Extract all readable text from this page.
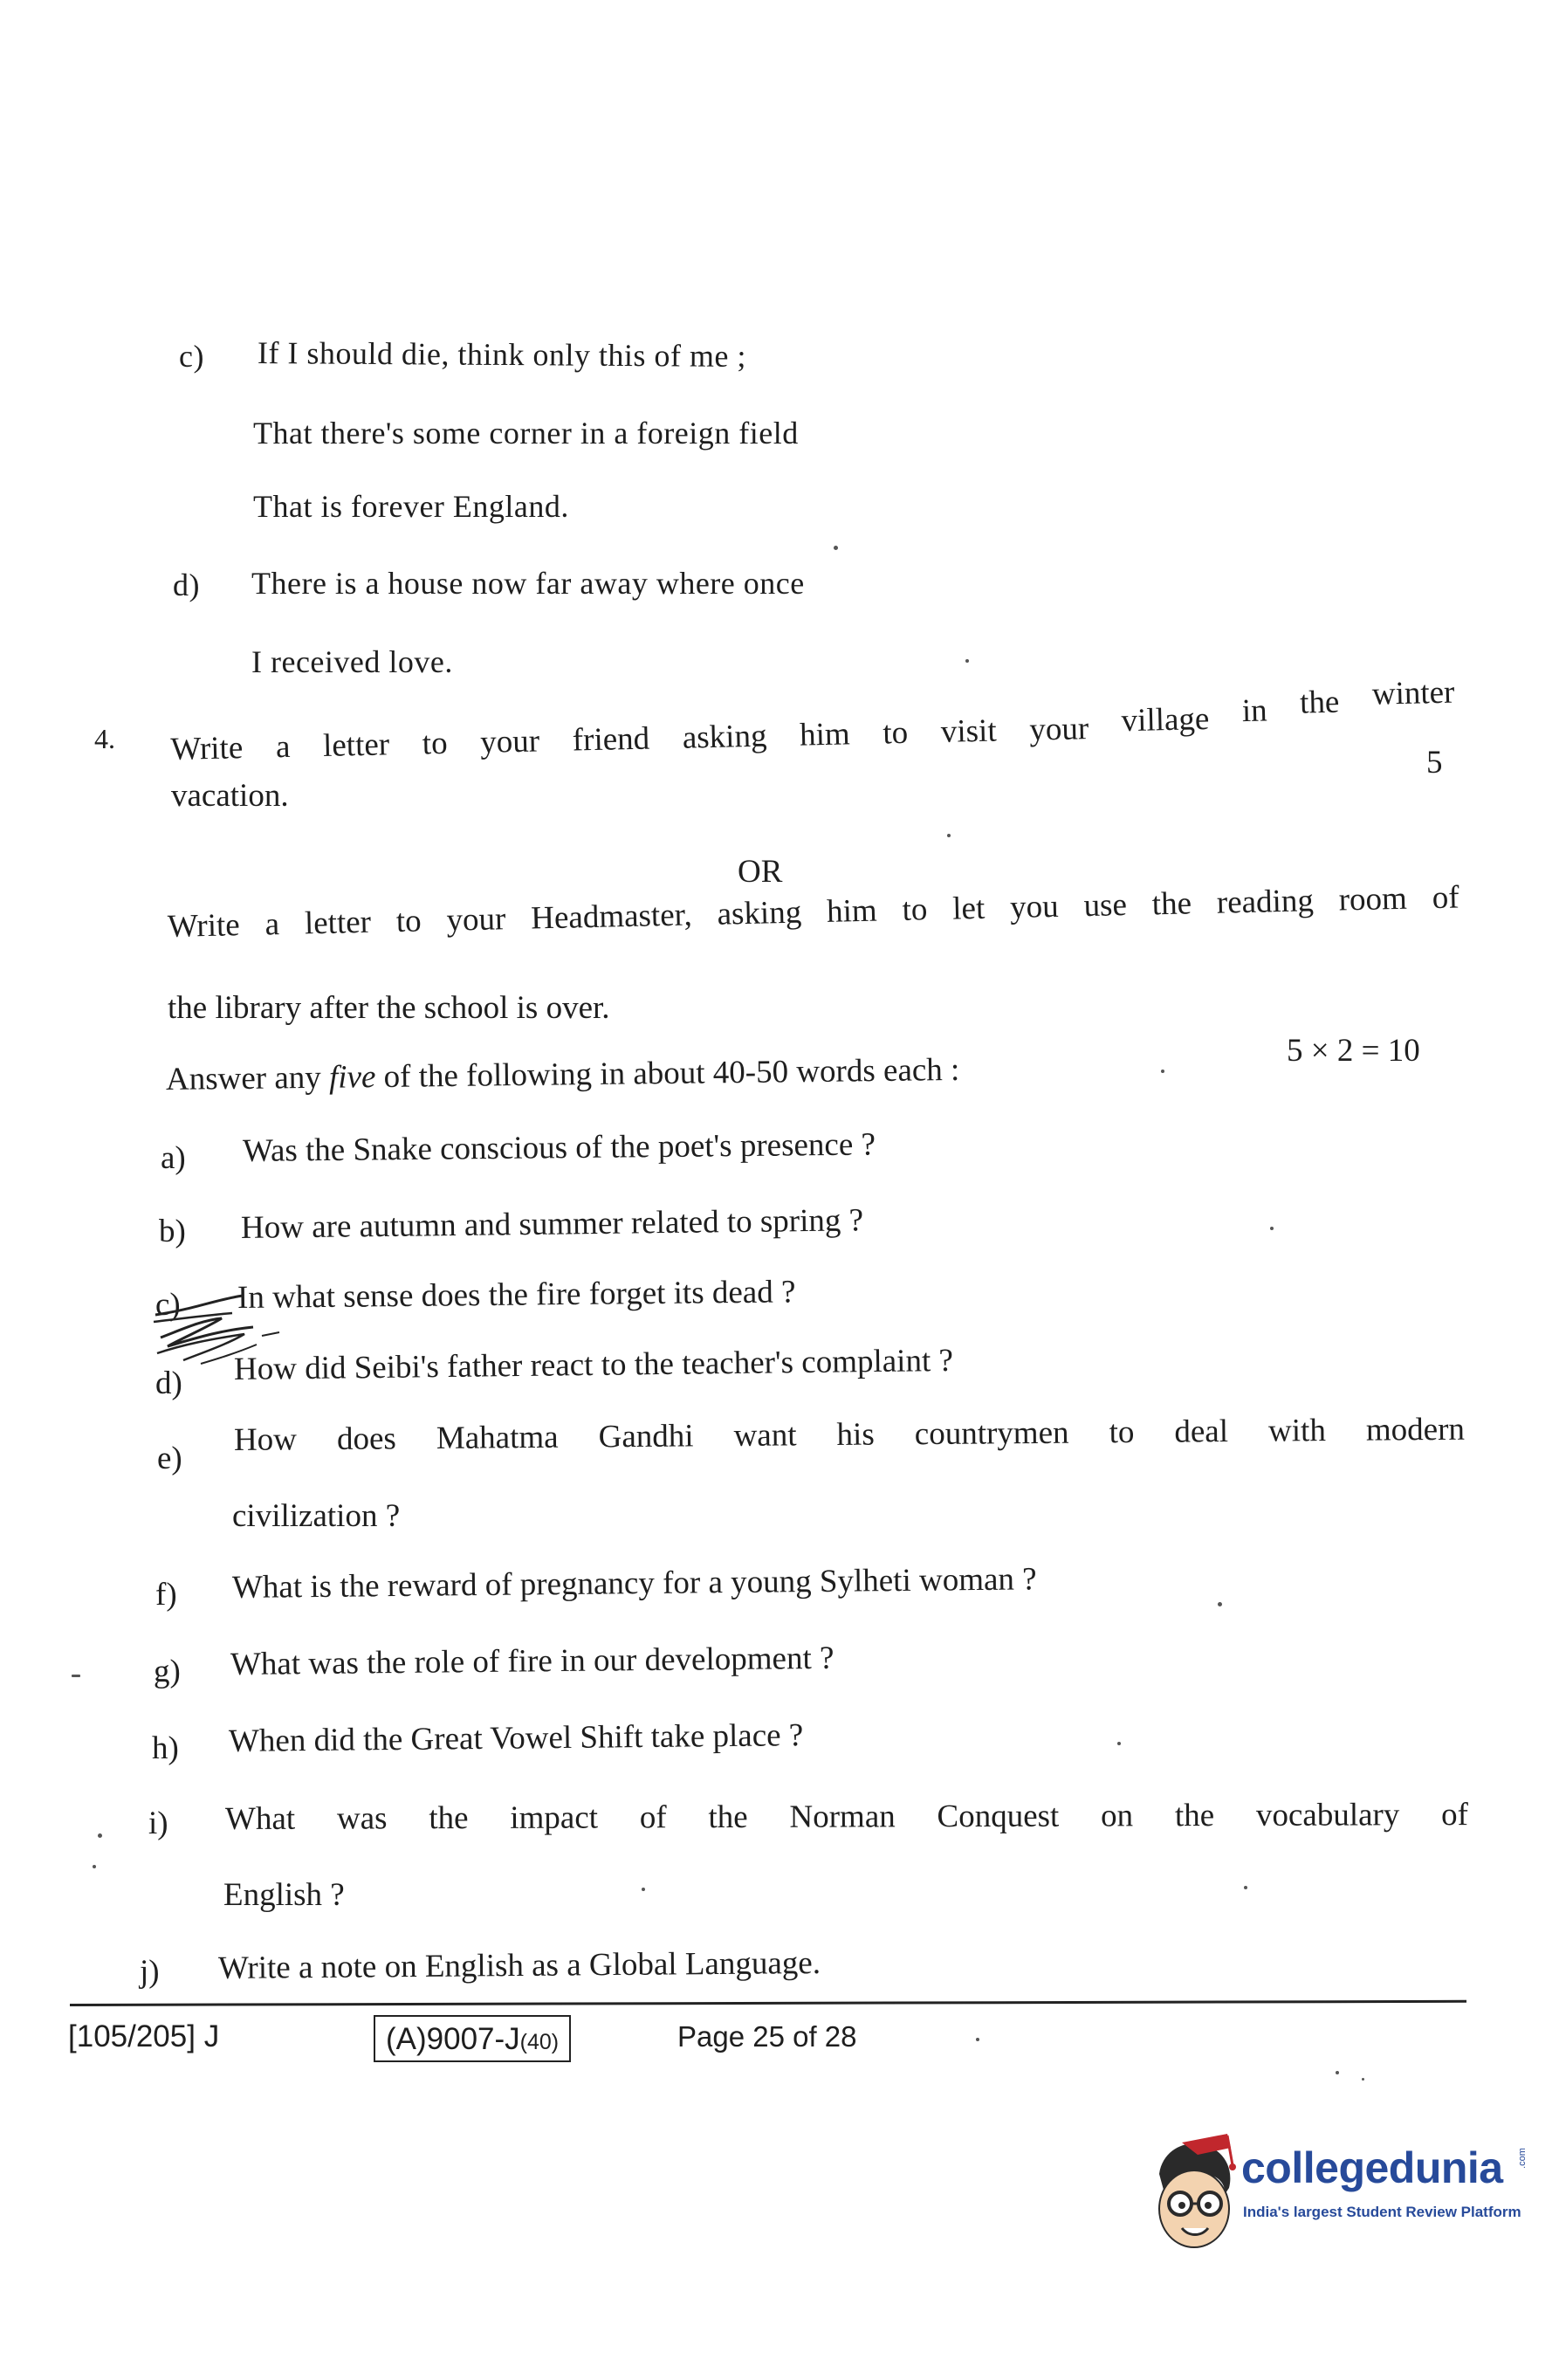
c) If I should die, think only this of me ;
That there's some corner in a foreign field
That is forever England.
d) There is a house now far away where once
I received love.
4. Write a letter to your friend asking him to visit your village in the winter
5
vacation.
OR
Write a letter to your Headmaster, asking him to let you use the reading room of
the library after the school is over.
Answer any five of the following in about 40-50 words each :
5 × 2 = 10
a) Was the Snake conscious of the poet's presence ?
b) How are autumn and summer related to spring ?
c) In what sense does the fire forget its dead ?
d) How did Seibi's father react to the teacher's complaint ?
e)
How does Mahatma Gandhi want his countrymen to deal with modern
civilization ?
f) What is the reward of pregnancy for a young Sylheti woman ?
g) What was the role of fire in our development ?
h) When did the Great Vowel Shift take place ?
i) What was the impact of the Norman Conquest on the vocabulary of
English ?
j) Write a note on English as a Global Language.
[105/205] J	(A)9007-J(40)	Page 25 of 28
collegedunia .com
India's largest Student Review Platform
